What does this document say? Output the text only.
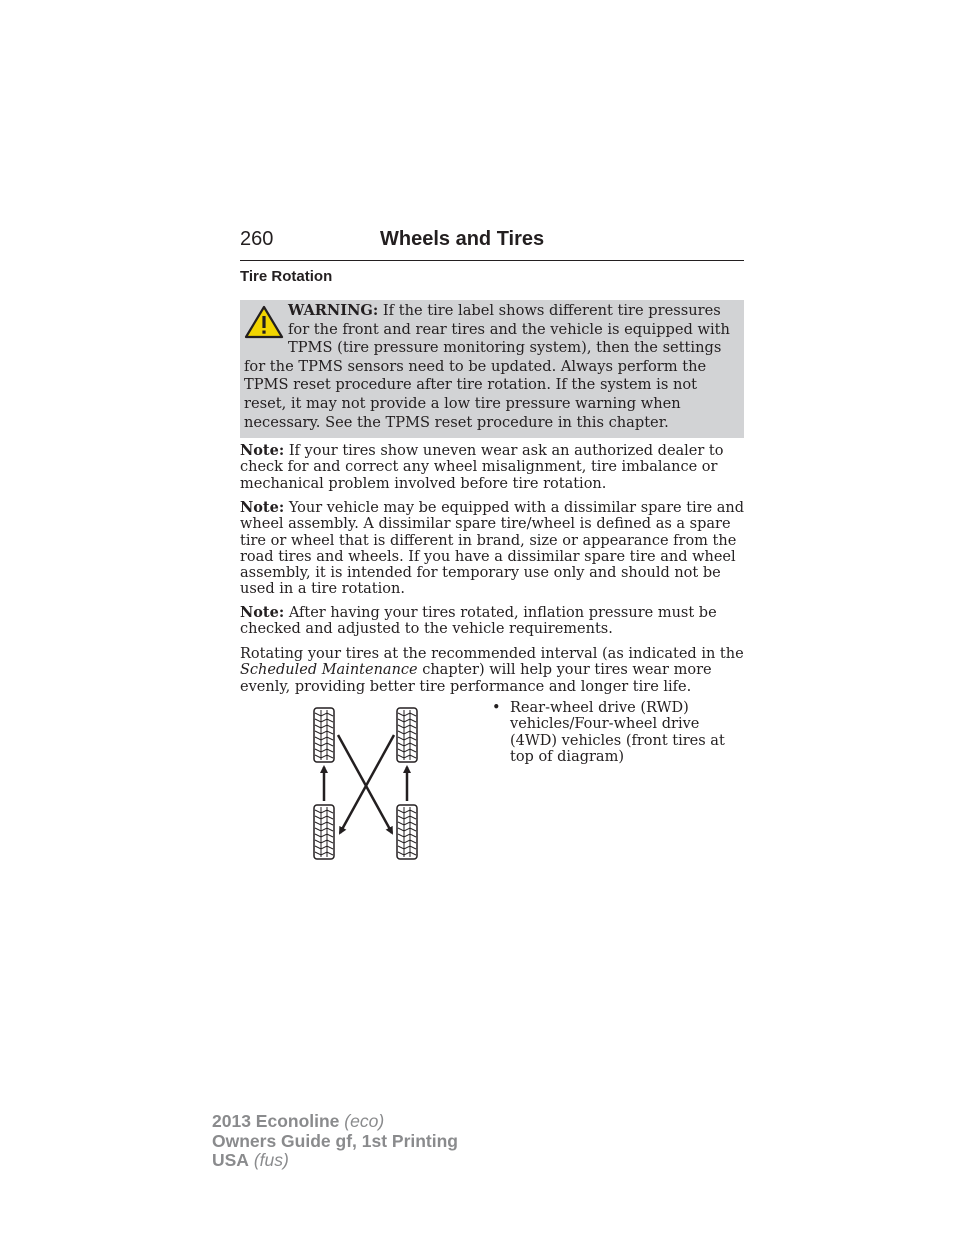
260	Wheels and Tires
Tire Rotation
WARNING: If the tire label shows different tire pressures for the front and rear tires and the vehicle is equipped with TPMS (tire pressure monitoring system), then the settings for the TPMS sensors need to be updated. Always perform the TPMS reset procedure after tire rotation. If the system is not reset, it may not provide a low tire pressure warning when necessary. See the TPMS reset procedure in this chapter.
Note: If your tires show uneven wear ask an authorized dealer to check for and correct any wheel misalignment, tire imbalance or mechanical problem involved before tire rotation.
Note: Your vehicle may be equipped with a dissimilar spare tire and wheel assembly. A dissimilar spare tire/wheel is defined as a spare tire or wheel that is different in brand, size or appearance from the road tires and wheels. If you have a dissimilar spare tire and wheel assembly, it is intended for temporary use only and should not be used in a tire rotation.
Note: After having your tires rotated, inflation pressure must be checked and adjusted to the vehicle requirements.
Rotating your tires at the recommended interval (as indicated in the Scheduled Maintenance chapter) will help your tires wear more evenly, providing better tire performance and longer tire life.
• Rear-wheel drive (RWD) vehicles/Four-wheel drive (4WD) vehicles (front tires at top of diagram)
2013 Econoline (eco)
Owners Guide gf, 1st Printing
USA (fus)
